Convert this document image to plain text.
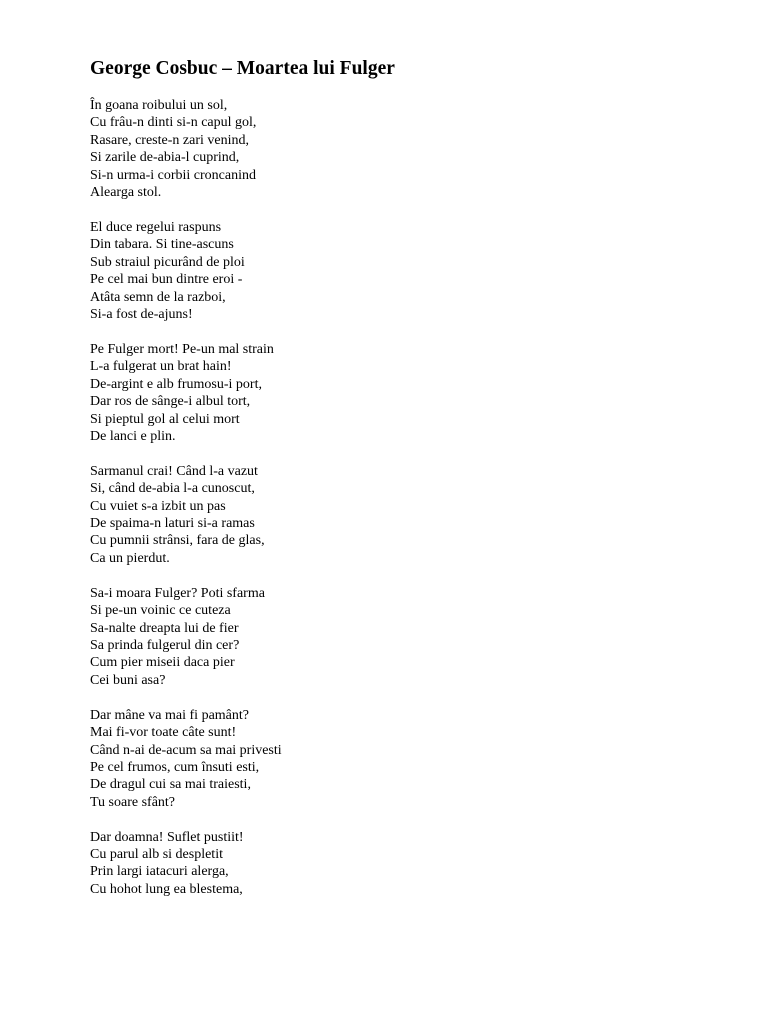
George Cosbuc – Moartea lui Fulger
În goana roibului un sol,
Cu frâu-n dinti si-n capul gol,
Rasare, creste-n zari venind,
Si zarile de-abia-l cuprind,
Si-n urma-i corbii croncanind
Alearga stol.
El duce regelui raspuns
Din tabara. Si tine-ascuns
Sub straiul picurând de ploi
Pe cel mai bun dintre eroi -
Atâta semn de la razboi,
Si-a fost de-ajuns!
Pe Fulger mort! Pe-un mal strain
L-a fulgerat un brat hain!
De-argint e alb frumosu-i port,
Dar ros de sânge-i albul tort,
Si pieptul gol al celui mort
De lanci e plin.
Sarmanul crai! Când l-a vazut
Si, când de-abia l-a cunoscut,
Cu vuiet s-a izbit un pas
De spaima-n laturi si-a ramas
Cu pumnii strânsi, fara de glas,
Ca un pierdut.
Sa-i moara Fulger? Poti sfarma
Si pe-un voinic ce cuteza
Sa-nalte dreapta lui de fier
Sa prinda fulgerul din cer?
Cum pier miseii daca pier
Cei buni asa?
Dar mâne va mai fi pamânt?
Mai fi-vor toate câte sunt!
Când n-ai de-acum sa mai privesti
Pe cel frumos, cum însuti esti,
De dragul cui sa mai traiesti,
Tu soare sfânt?
Dar doamna! Suflet pustiit!
Cu parul alb si despletit
Prin largi iatacuri alerga,
Cu hohot lung ea blestema,
